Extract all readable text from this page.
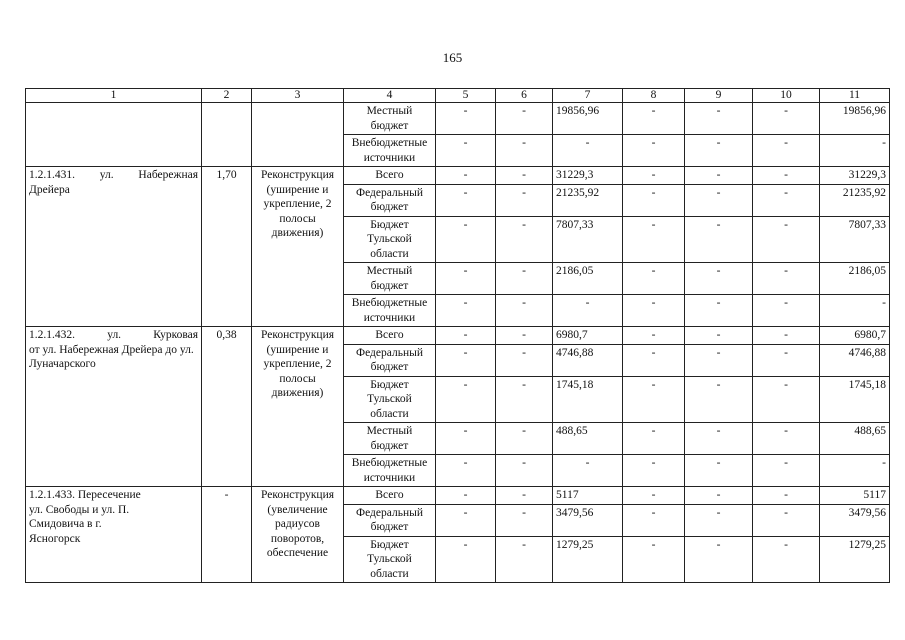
165
1	2	3	4	5	6	7	8	9	10	11
			Местный бюджет	-	-	19856,96	-	-	-	19856,96
			Внебюджетные источники	-	-	-	-	-	-	-

1.2.1.431. ул. Набережная
Дрейера	1,70	Реконструкция (уширение и укрепление, 2 полосы движения)	Всего	-	-	31229,3	-	-	-	31229,3
			Федеральный бюджет	-	-	21235,92	-	-	-	21235,92
			Бюджет Тульской области	-	-	7807,33	-	-	-	7807,33
			Местный бюджет	-	-	2186,05	-	-	-	2186,05
			Внебюджетные источники	-	-	-	-	-	-	-

1.2.1.432. ул. Курковая
от ул. Набережная Дрейера до ул. Луначарского	0,38	Реконструкция (уширение и укрепление, 2 полосы движения)	Всего	-	-	6980,7	-	-	-	6980,7
			Федеральный бюджет	-	-	4746,88	-	-	-	4746,88
			Бюджет Тульской области	-	-	1745,18	-	-	-	1745,18
			Местный бюджет	-	-	488,65	-	-	-	488,65
			Внебюджетные источники	-	-	-	-	-	-	-
1.2.1.433. Пересечение

ул. Свободы и ул. П. Смидовича в г. Ясногорск	-	Реконструкция (увеличение радиусов поворотов, обеспечение	Всего	-	-	5117	-	-	-	5117
			Федеральный бюджет	-	-	3479,56	-	-	-	3479,56
			Бюджет Тульской области	-	-	1279,25	-	-	-	1279,25
